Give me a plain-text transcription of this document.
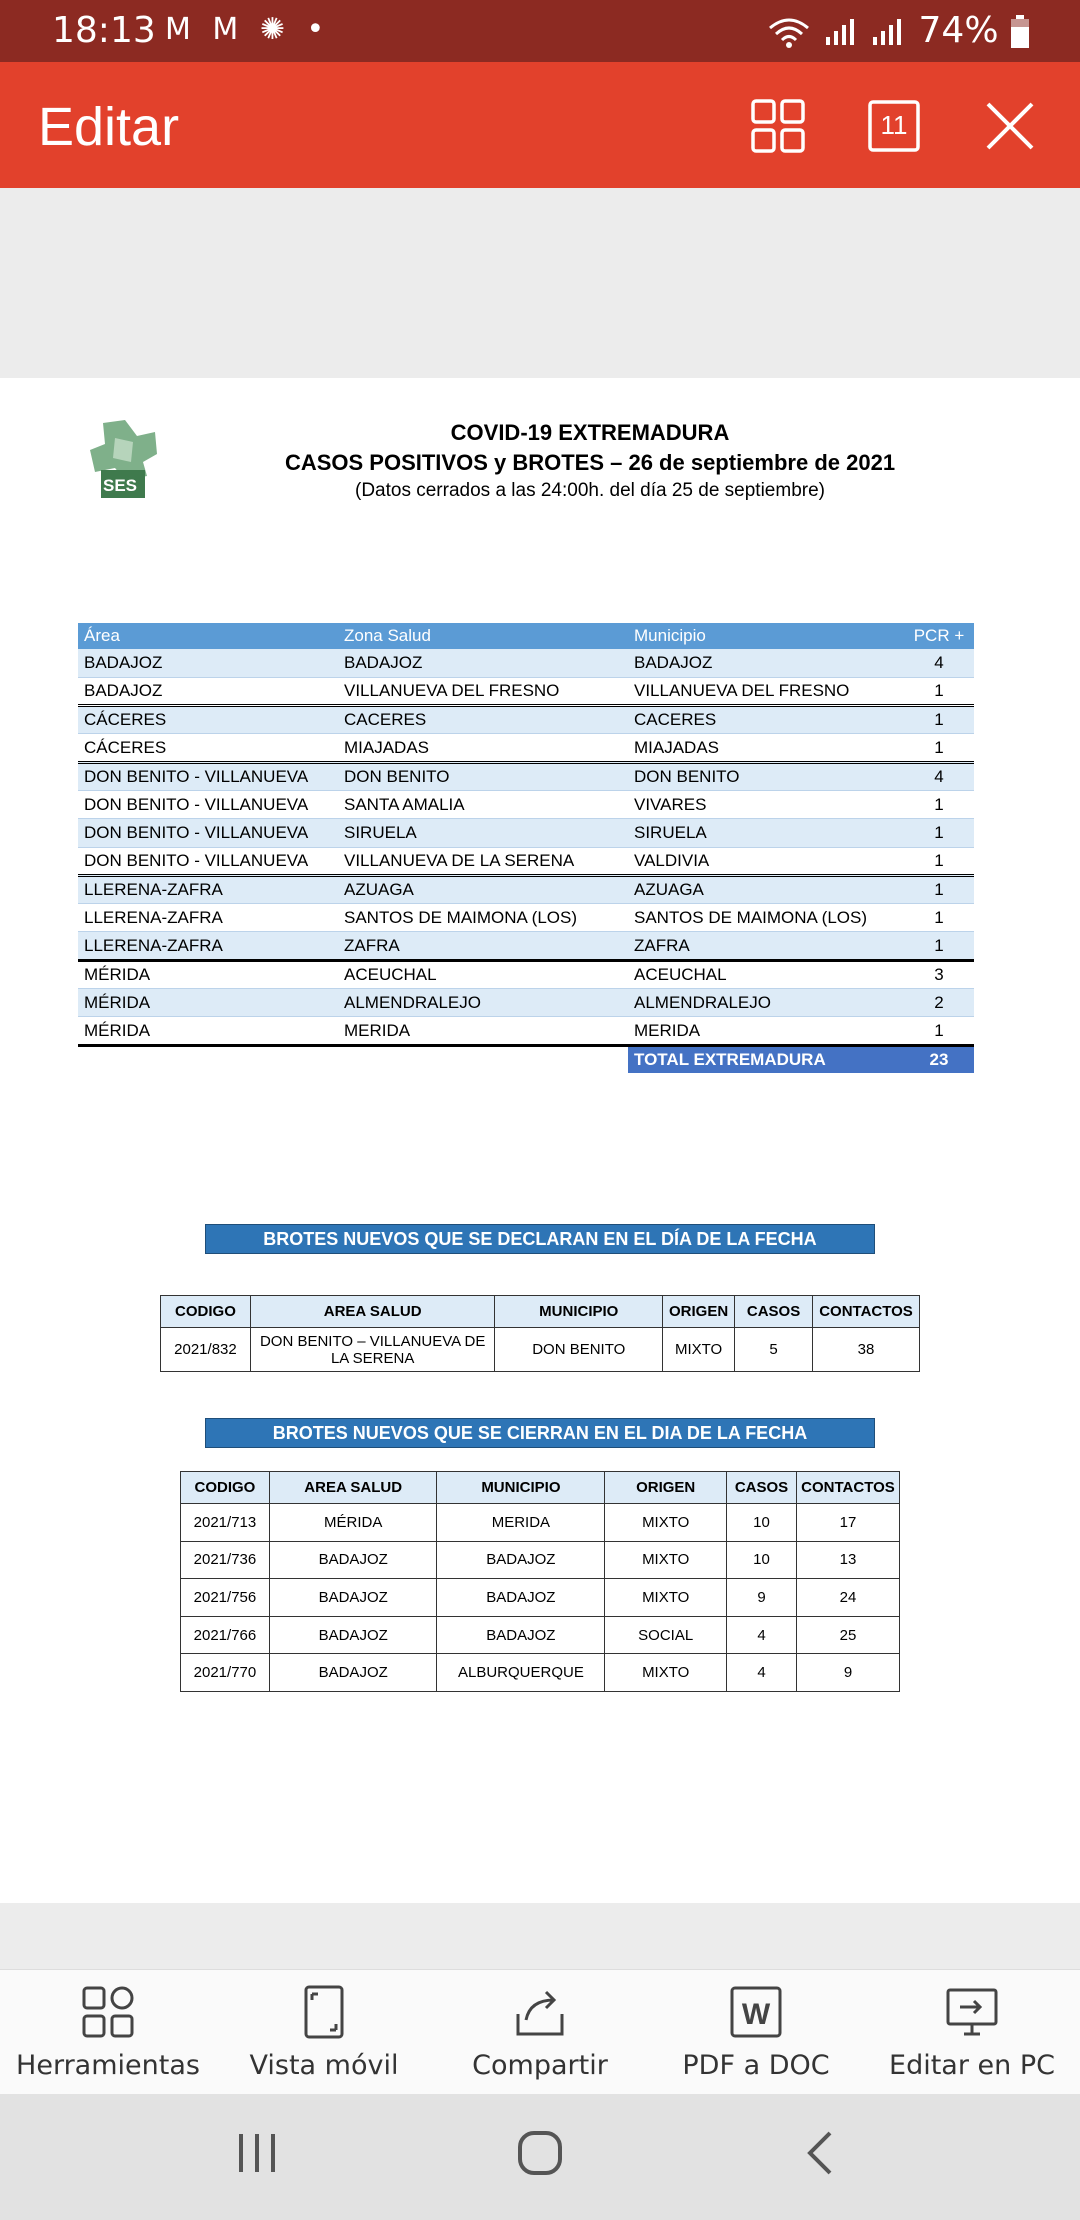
18:13 M M ✺ •	74%
Editar	11
SES
COVID-19 EXTREMADURA
CASOS POSITIVOS y BROTES – 26 de septiembre de 2021
(Datos cerrados a las 24:00h. del día 25 de septiembre)
Área	Zona Salud	Municipio	PCR +
BADAJOZ	BADAJOZ	BADAJOZ	4
BADAJOZ	VILLANUEVA DEL FRESNO	VILLANUEVA DEL FRESNO	1
CÁCERES	CACERES	CACERES	1
CÁCERES	MIAJADAS	MIAJADAS	1
DON BENITO - VILLANUEVA	DON BENITO	DON BENITO	4
DON BENITO - VILLANUEVA	SANTA AMALIA	VIVARES	1
DON BENITO - VILLANUEVA	SIRUELA	SIRUELA	1
DON BENITO - VILLANUEVA	VILLANUEVA DE LA SERENA	VALDIVIA	1
LLERENA-ZAFRA	AZUAGA	AZUAGA	1
LLERENA-ZAFRA	SANTOS DE MAIMONA (LOS)	SANTOS DE MAIMONA (LOS)	1
LLERENA-ZAFRA	ZAFRA	ZAFRA	1
MÉRIDA	ACEUCHAL	ACEUCHAL	3
MÉRIDA	ALMENDRALEJO	ALMENDRALEJO	2
MÉRIDA	MERIDA	MERIDA	1
		TOTAL EXTREMADURA	23
BROTES NUEVOS QUE SE DECLARAN EN EL DÍA DE LA FECHA
CODIGO	AREA SALUD	MUNICIPIO	ORIGEN	CASOS	CONTACTOS
2021/832	DON BENITO – VILLANUEVA DE LA SERENA	DON BENITO	MIXTO	5	38
BROTES NUEVOS QUE SE CIERRAN EN EL DIA DE LA FECHA
CODIGO	AREA SALUD	MUNICIPIO	ORIGEN	CASOS	CONTACTOS
2021/713	MÉRIDA	MERIDA	MIXTO	10	17
2021/736	BADAJOZ	BADAJOZ	MIXTO	10	13
2021/756	BADAJOZ	BADAJOZ	MIXTO	9	24
2021/766	BADAJOZ	BADAJOZ	SOCIAL	4	25
2021/770	BADAJOZ	ALBURQUERQUE	MIXTO	4	9
Herramientas	Vista móvil	Compartir
W
PDF a DOC	Editar en PC
